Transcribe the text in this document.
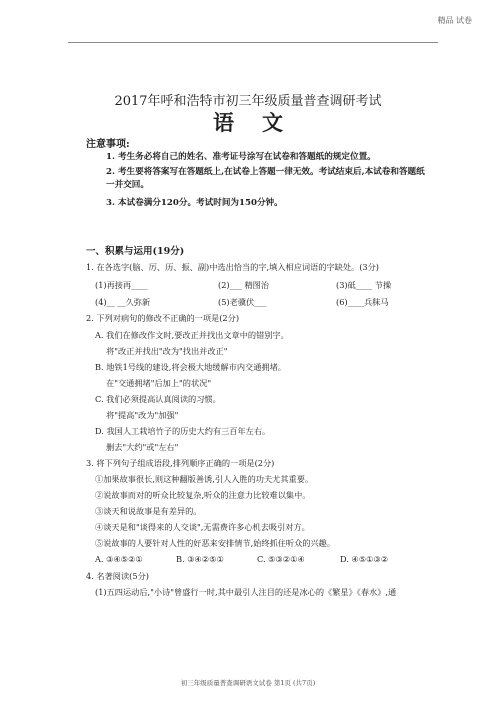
精品 试卷
2017年呼和浩特市初三年级质量普查调研考试
语文
注意事项:
1. 考生务必将自己的姓名、准考证号涂写在试卷和答题纸的规定位置。
2. 考生要将答案写在答题纸上,在试卷上答题一律无效。考试结束后,本试卷和答题纸一并交回。
3. 本试卷满分120分。考试时间为150分钟。
一、积累与运用(19分)
1. 在各选字(脑、厉、历、振、副)中选出恰当的字,填入相应词语的字缺处。(3分)
(1)再接再____	(2)___ 精图治	(3)砥____ 节操
(4)__ __久弥新	(5)老骥伏___	(6)____兵秣马
2. 下列对病句的修改不正确的一项是(2分)
A. 我们在修改作文时,要改正并找出文章中的错别字。
将"改正并找出"改为"找出并改正"
B. 地铁1号线的建设,将会极大地缓解市内交通拥堵。
在"交通拥堵"后加上"的状况"
C. 我们必须提高认真阅读的习惯。
将"提高"改为"加强"
D. 我国人工栽培竹子的历史大约有三百年左右。
删去"大约"或"左右"
3. 将下列句子组成语段,排列顺序正确的一项是(2分)
①加果故事很长,则这种翻版善诱,引人入胜的功夫尤其重要。
②说故事而对的听众比较复杂,听众的注意力比较难以集中。
③谈天和说故事是有差异的。
④谈天是和"谈得来的人交谈",无需费许多心机去吸引对方。
⑤说故事的人要针对人性的好恶来安排情节,始终抓住听众的兴趣。
A. ③④⑤②①	B. ③④②⑤①	C. ⑤③②①④	D. ④⑤①③②
4. 名著阅读(5分)
(1)五四运动后,"小诗"曾盛行一时,其中最引人注目的还是冰心的《繁星》《春水》,通
初三年级质量普查调研语文试卷 第1页 (共7页)
